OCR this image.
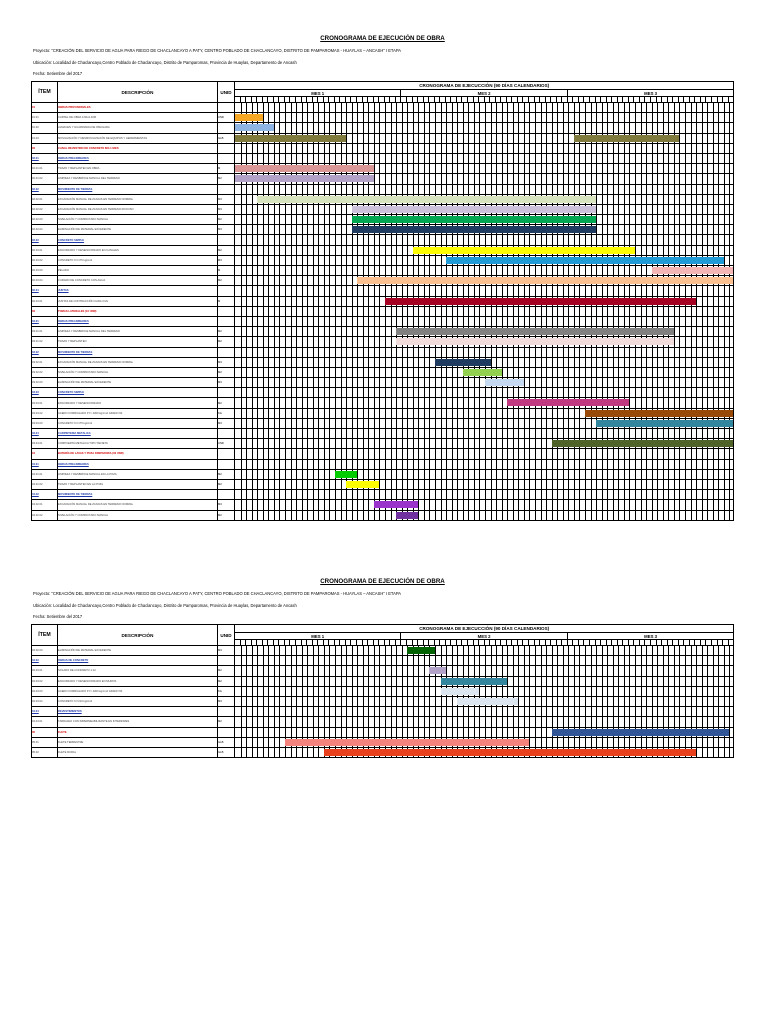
CRONOGRAMA DE EJECUCIÓN DE OBRA
Proyecto: "CREACIÓN DEL SERVICIO DE AGUA PARA RIEGO DE CHACLANCAYO A PATY, CENTRO POBLADO DE CHACLANCAYO, DISTRITO DE PAMPAROMAS - HUAYLAS – ANCASH" I ETAPA
Ubicación: Localidad de Chaclancayo,Centro Poblado de Chaclancayo, Distrito de Pamparomas, Provincia de Huaylas, Departamento de Ancash
Fecha: Setiembre del 2017
ÍTEM	DESCRIPCIÓN	UNID	CRONOGRAMA DE EJECUCCIÓN (90 DÍAS CALENDARIOS)
MES 1	MES 2	MES 3

01	OBRAS PROVISIONALES		

01.01	CARTEL DE OBRA 3.60x2.40M	UND	

01.02	ALMACEN Y GUARDIANIA DE OBLIGADA		

01.03	MOVILIZACIÓN Y DESMOVILIZACIÓN DE EQUIPOS Y HERRAMIENTAS	GLB	

02	CANAL REVESTIDO DE CONCRETO 864.1 M3/S		

02.01	OBRAS PRELIMINARES		

02.01.01	TRAZO Y REPLANTEO EN OBRA	M	

02.01.02	LIMPIEZA Y DESBROCE MANUAL DEL TERRENO	M2	

02.02	MOVIMIENTO DE TIERRAS		

02.02.01	EXCAVACIÓN MANUAL DE ZANJAS EN TERRENO NORMAL	M3	

02.02.02	EXCAVACIÓN MANUAL DE ZANJAS EN TERRENO ROCOSO	M3	

02.02.03	NIVELACIÓN Y COMPACTADO MANUAL	M2	

02.02.04	ELIMINACIÓN DE MATERIAL EXCEDENTE	M3	

02.03	CONCRETO SIMPLE		

02.03.01	ENCOFRADO Y DESENCOFRADO EN CANALES	M2	

02.03.02	CONCRETO f'c=175 kg/cm2	M3	

02.03.03	PELADO	M	

02.03.04	CURADO DE CONCRETO CON AGUA	M2	

02.04	JUNTAS		

02.04.01	JUNTAS DE CONTRACCIÓN CADA 3 ML	M	

03	TOMAS LATERALES (10 UND)		

03.01	OBRAS PRELIMINARES		

03.01.01	LIMPIEZA Y DESBROCE MANUAL DEL TERRENO	M2	

03.01.02	TRAZO Y REPLANTEO	M2	

03.02	MOVIMIENTO DE TIERRAS		

03.02.01	EXCAVACIÓN MANUAL DE ZANJAS EN TERRENO NORMAL	M3	

03.02.02	NIVELACIÓN Y COMPACTADO MANUAL	M2	

03.02.03	ELIMINACIÓN DE MATERIAL EXCEDENTE	M3	

03.03	CONCRETO SIMPLE		

03.03.01	ENCOFRADO Y DESENCOFRADO	M2	

03.03.02	ACERO CORRUGADO FY= 4200 kg/cm2 GRADO 60	KG	

03.03.03	CONCRETO f'c=175 kg/cm2	M3	

03.04	CARPINTERIA METALICA		

03.04.01	COMPUERTA METALICA TIPO TARJETA	UND	

04	BATERÍA DE LAVAS Y POZA DISIPADORA (03 UND)		

04.01	OBRAS PRELIMINARES		

04.01.01	LIMPIEZA Y DESBROCE MANUAL EN LA POZA	M2	

04.01.02	TRAZO Y REPLANTEO EN LA POZA	M2	

04.02	MOVIMIENTO DE TIERRAS		

04.02.01	EXCAVACIÓN MANUAL DE ZANJAS EN TERRENO NORMAL	M3	

04.02.02	NIVELACIÓN Y COMPACTADO MANUAL	M2	
CRONOGRAMA DE EJECUCIÓN DE OBRA
Proyecto: "CREACIÓN DEL SERVICIO DE AGUA PARA RIEGO DE CHACLANCAYO A PATY, CENTRO POBLADO DE CHACLANCAYO, DISTRITO DE PAMPAROMAS - HUAYLAS – ANCASH" I ETAPA
Ubicación: Localidad de Chaclancayo,Centro Poblado de Chaclancayo, Distrito de Pamparomas, Provincia de Huaylas, Departamento de Ancash
Fecha: Setiembre del 2017
ÍTEM	DESCRIPCIÓN	UNID	CRONOGRAMA DE EJECUCCIÓN (90 DÍAS CALENDARIOS)
MES 1	MES 2	MES 3

04.02.03	ELIMINACIÓN DE MATERIAL EXCEDENTE	M3	

04.03	OBRAS DE CONCRETO		

04.03.01	SOLADO DE CONCRETO 1:12	M2	

04.03.02	ENCOFRADO Y DESENCOFRADO EN MUROS	M2	

04.03.03	ACERO CORRUGADO FY= 4200 kg/cm2 GRADO 60	KG	

04.03.04	CONCRETO f'c=210 kg/cm2	M3	

04.04	REVESTIMIENTOS		

04.04.01	TARRAJEO CON IMPERMEABILIZANTE EN INTERIORES	M2	

05	FLETE		

05.01	FLETE TERRESTRE	GLB	

05.02	FLETE RURAL	GLB	
